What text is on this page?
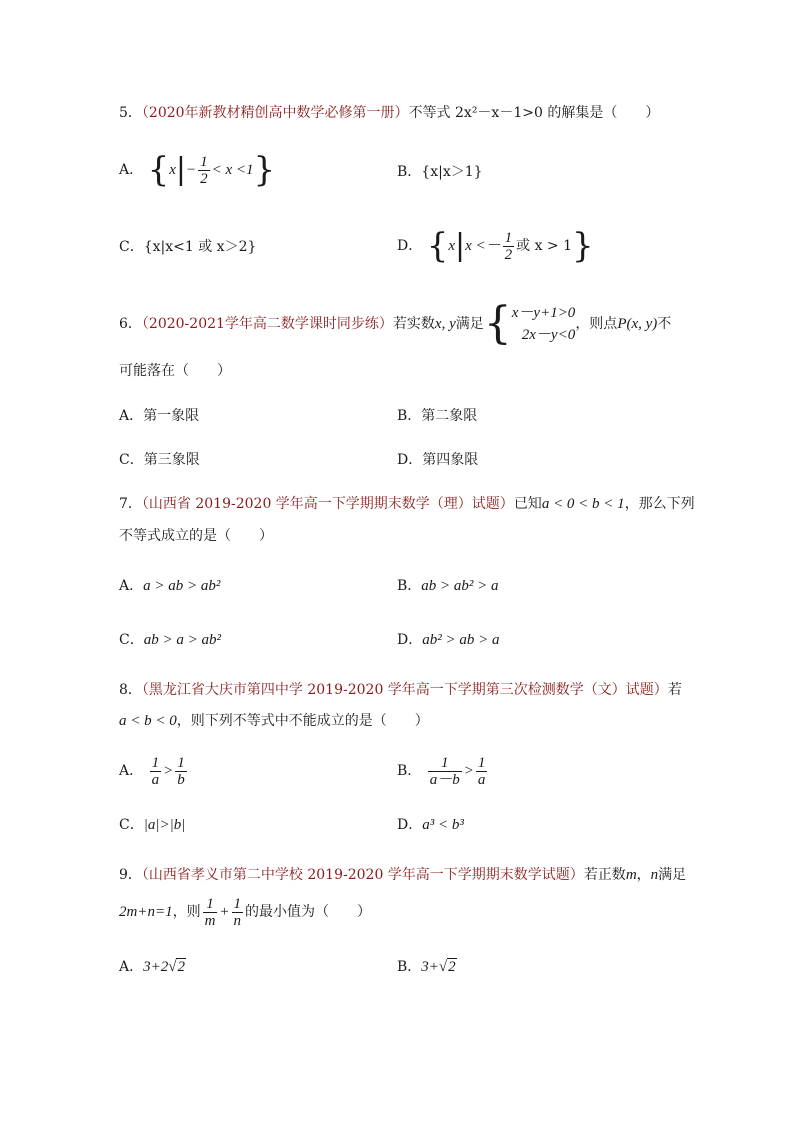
5．（2020年新教材精创高中数学必修第一册）不等式 2x²－x－1>0 的解集是（　　）
A． $\{x|- \frac{1}{2} < x <1\}$	B．{x|x＞1}
C．{x|x<1 或 x＞2}	D． {$x|x <- \frac{1}{2}$ 或 x > 1}
6．（2020-2021学年高二数学课时同步练）若实数x, y满足{ x－y+1>0
2x－y<0
，则点P(x, y)不
可能落在（　　）
A．第一象限	B．第二象限
C．第三象限	D．第四象限
7．（山西省 2019-2020 学年高一下学期期末数学（理）试题）已知a < 0 < b < 1，那么下列
不等式成立的是（　　）
A．a > ab > ab²	B．ab > ab² > a
C．ab > a > ab²	D．ab² > ab > a
8．（黑龙江省大庆市第四中学 2019-2020 学年高一下学期第三次检测数学（文）试题）若
a < b < 0，则下列不等式中不能成立的是（　　）
A． $\frac{1}{a} > \frac{1}{b}$	B． $\frac{1}{a-b} > \frac{1}{a}$
C．|a|>|b|	D．a³ < b³
9．（山西省孝义市第二中学校 2019-2020 学年高一下学期期末数学试题）若正数m，n满足
2m+n=1，则 $\frac{1}{m} + \frac{1}{n}$ 的最小值为（　　）
A．3+2√2	B．3+√2
